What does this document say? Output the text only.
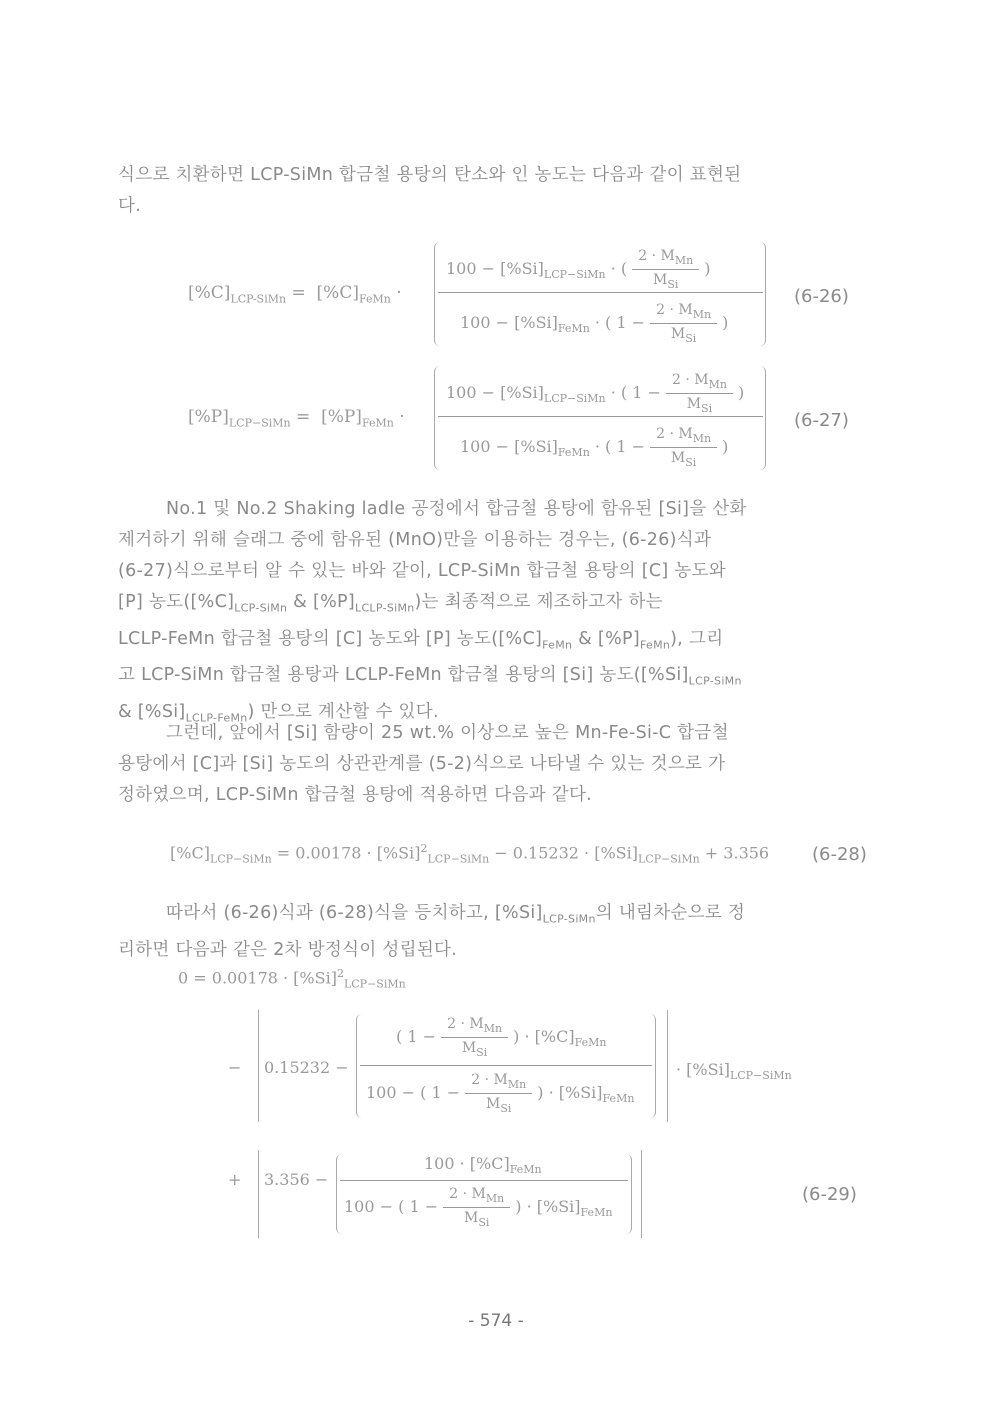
식으로 치환하면 LCP-SiMn 합금철 용탕의 탄소와 인 농도는 다음과 같이 표현된
다.
$[\%C]_{LCP-SiMn} = [\%C]_{FeMn}$ ·
$100 - [\%Si]_{LCP-SiMn}$ · ( $\frac{2 \cdot M_{Mn}}{M_{Si}}$ )
$100 - [\%Si]_{FeMn}$ · ( $1 - \frac{2 \cdot M_{Mn}}{M_{Si}}$ )
(6-26)
$[\%P]_{LCP-SiMn} = [\%P]_{FeMn}$ ·
$100 - [\%Si]_{LCP-SiMn}$ · ( $1 - \frac{2 \cdot M_{Mn}}{M_{Si}}$ )
$100 - [\%Si]_{FeMn}$ · ( $1 - \frac{2 \cdot M_{Mn}}{M_{Si}}$ )
(6-27)
No.1 및 No.2 Shaking ladle 공정에서 합금철 용탕에 함유된 [Si]을 산화
제거하기 위해 슬래그 중에 함유된 (MnO)만을 이용하는 경우는, (6-26)식과
(6-27)식으로부터 알 수 있는 바와 같이, LCP-SiMn 합금철 용탕의 [C] 농도와
[P] 농도($[\%C]_{LCP-SiMn}$ & $[\%P]_{LCLP-SiMn}$)는 최종적으로 제조하고자 하는
LCLP-FeMn 합금철 용탕의 [C] 농도와 [P] 농도($[\%C]_{FeMn}$ & $[\%P]_{FeMn}$), 그리
고 LCP-SiMn 합금철 용탕과 LCLP-FeMn 합금철 용탕의 [Si] 농도($[\%Si]_{LCP-SiMn}$
& $[\%Si]_{LCLP-FeMn}$) 만으로 계산할 수 있다.
그런데, 앞에서 [Si] 함량이 25 wt.% 이상으로 높은 Mn-Fe-Si-C 합금철
용탕에서 [C]과 [Si] 농도의 상관관계를 (5-2)식으로 나타낼 수 있는 것으로 가
정하였으며, LCP-SiMn 합금철 용탕에 적용하면 다음과 같다.
$[\%C]_{LCP-SiMn} = 0.00178 \cdot [\%Si]^2_{LCP-SiMn} - 0.15232 \cdot [\%Si]_{LCP-SiMn} + 3.356$ (6-28)
따라서 (6-26)식과 (6-28)식을 등치하고, $[\%Si]_{LCP-SiMn}$의 내림차순으로 정
리하면 다음과 같은 2차 방정식이 성립된다.
$0 = 0.00178 \cdot [\%Si]^2_{LCP-SiMn}$
− 0.15232 −
( $1 - \frac{2 \cdot M_{Mn}}{M_{Si}}$ ) · $[\%C]_{FeMn}$
100 − ( $1 - \frac{2 \cdot M_{Mn}}{M_{Si}}$ ) · $[\%Si]_{FeMn}$
· $[\%Si]_{LCP-SiMn}$
+ 3.356 −
$100 \cdot [\%C]_{FeMn}$
100 − ( $1 - \frac{2 \cdot M_{Mn}}{M_{Si}}$ ) · $[\%Si]_{FeMn}$
(6-29)
- 574 -
